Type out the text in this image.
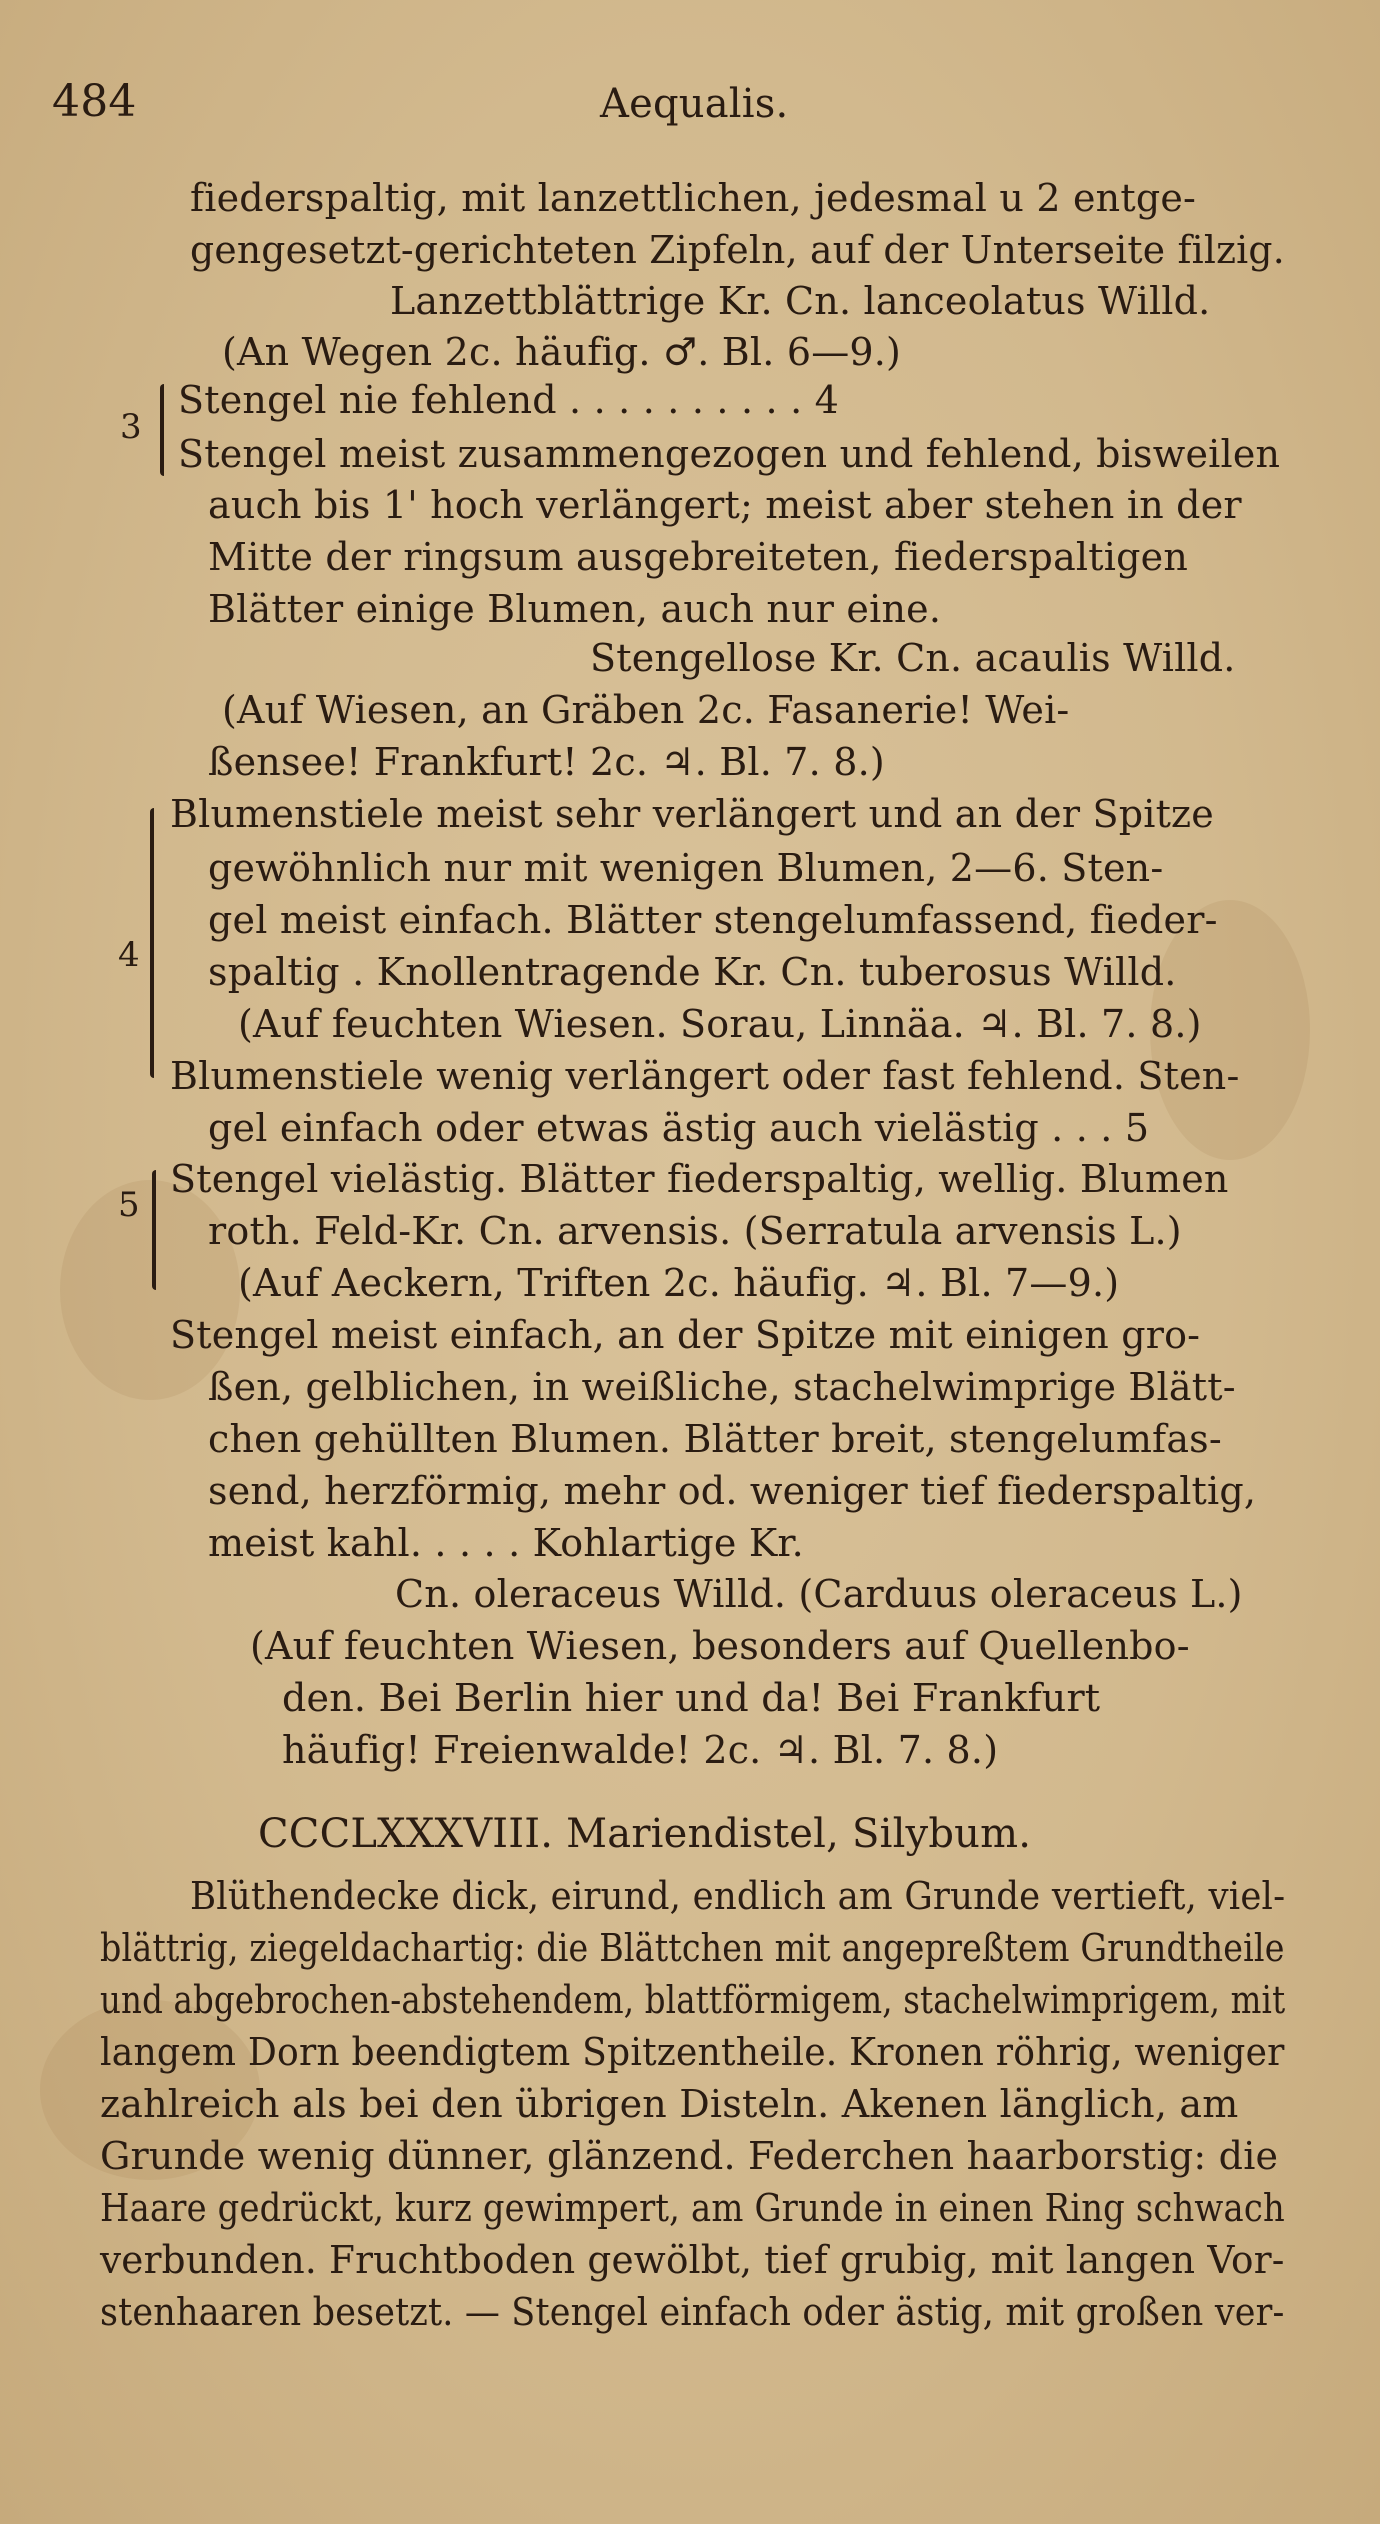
484	Aequalis.
fiederspaltig, mit lanzettlichen, jedesmal u 2 entge-
gengesetzt-gerichteten Zipfeln, auf der Unterseite filzig.
Lanzettblättrige Kr. Cn. lanceolatus Willd.
(An Wegen 2c. häufig. ♂. Bl. 6—9.)
3
Stengel nie fehlend . . . . . . . . . . 4
Stengel meist zusammengezogen und fehlend, bisweilen
auch bis 1' hoch verlängert; meist aber stehen in der
Mitte der ringsum ausgebreiteten, fiederspaltigen
Blätter einige Blumen, auch nur eine.
Stengellose Kr. Cn. acaulis Willd.
(Auf Wiesen, an Gräben 2c. Fasanerie! Wei-
ßensee! Frankfurt! 2c. ♃. Bl. 7. 8.)
4
Blumenstiele meist sehr verlängert und an der Spitze
gewöhnlich nur mit wenigen Blumen, 2—6. Sten-
gel meist einfach. Blätter stengelumfassend, fieder-
spaltig . Knollentragende Kr. Cn. tuberosus Willd.
(Auf feuchten Wiesen. Sorau, Linnäa. ♃. Bl. 7. 8.)
Blumenstiele wenig verlängert oder fast fehlend. Sten-
gel einfach oder etwas ästig auch vielästig . . . 5
5
Stengel vielästig. Blätter fiederspaltig, wellig. Blumen
roth. Feld-Kr. Cn. arvensis. (Serratula arvensis L.)
(Auf Aeckern, Triften 2c. häufig. ♃. Bl. 7—9.)
Stengel meist einfach, an der Spitze mit einigen gro-
ßen, gelblichen, in weißliche, stachelwimprige Blätt-
chen gehüllten Blumen. Blätter breit, stengelumfas-
send, herzförmig, mehr od. weniger tief fiederspaltig,
meist kahl. . . . . Kohlartige Kr.
Cn. oleraceus Willd. (Carduus oleraceus L.)
(Auf feuchten Wiesen, besonders auf Quellenbo-
den. Bei Berlin hier und da! Bei Frankfurt
häufig! Freienwalde! 2c. ♃. Bl. 7. 8.)
CCCLXXXVIII. Mariendistel, Silybum.
Blüthendecke dick, eirund, endlich am Grunde vertieft, viel-
blättrig, ziegeldachartig: die Blättchen mit angepreßtem Grundtheile
und abgebrochen-abstehendem, blattförmigem, stachelwimprigem, mit
langem Dorn beendigtem Spitzentheile. Kronen röhrig, weniger
zahlreich als bei den übrigen Disteln. Akenen länglich, am
Grunde wenig dünner, glänzend. Federchen haarborstig: die
Haare gedrückt, kurz gewimpert, am Grunde in einen Ring schwach
verbunden. Fruchtboden gewölbt, tief grubig, mit langen Vor-
stenhaaren besetzt. — Stengel einfach oder ästig, mit großen ver-
